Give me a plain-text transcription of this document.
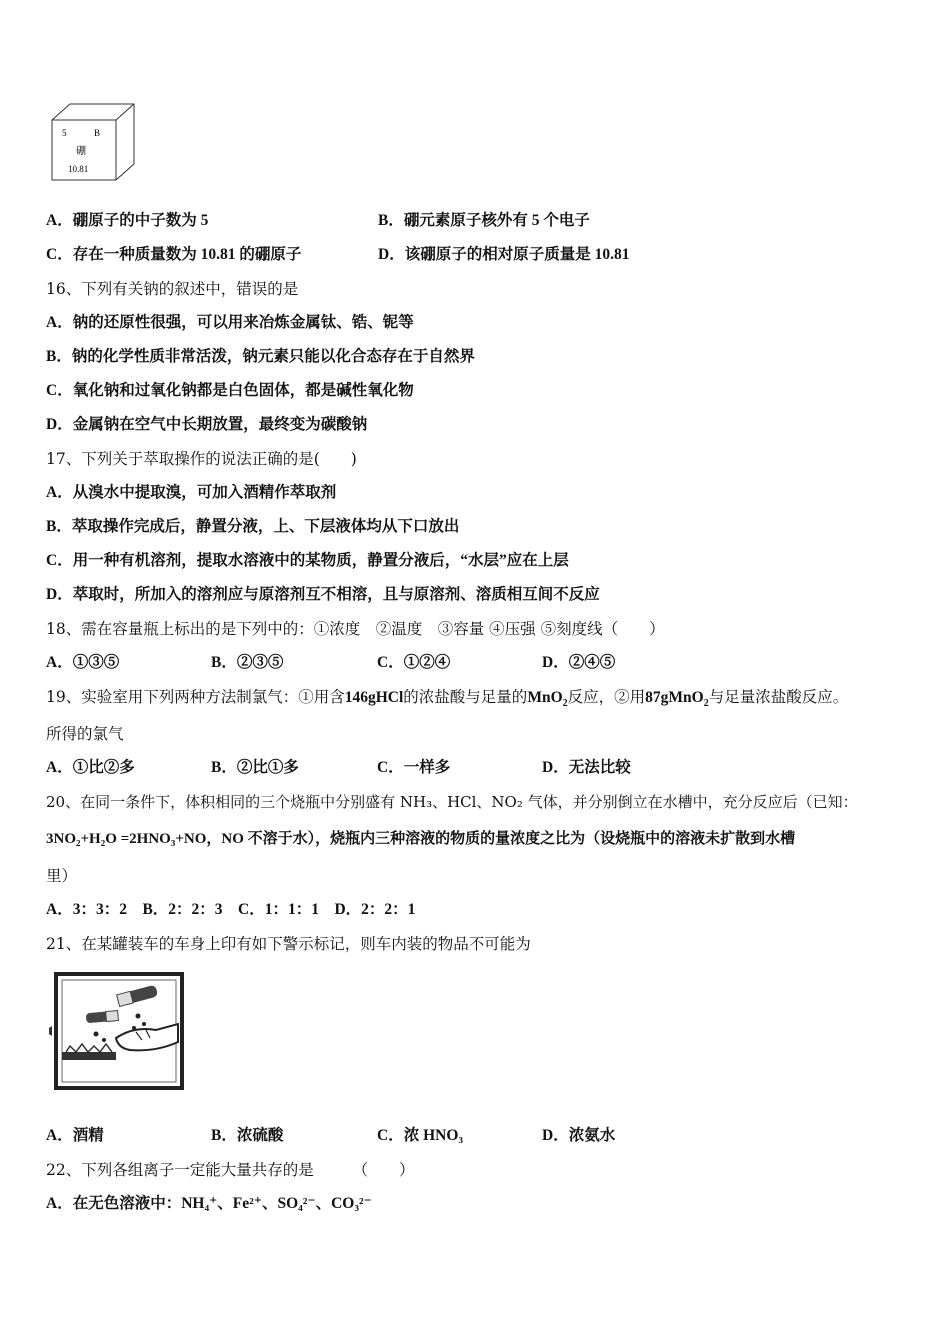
5	B
硼
10.81
A．硼原子的中子数为 5	B．硼元素原子核外有 5 个电子
C．存在一种质量数为 10.81 的硼原子	D．该硼原子的相对原子质量是 10.81
16、下列有关钠的叙述中，错误的是
A．钠的还原性很强，可以用来冶炼金属钛、锆、铌等
B．钠的化学性质非常活泼，钠元素只能以化合态存在于自然界
C．氧化钠和过氧化钠都是白色固体，都是碱性氧化物
D．金属钠在空气中长期放置，最终变为碳酸钠
17、下列关于萃取操作的说法正确的是(　　)
A．从溴水中提取溴，可加入酒精作萃取剂
B．萃取操作完成后，静置分液，上、下层液体均从下口放出
C．用一种有机溶剂，提取水溶液中的某物质，静置分液后，“水层”应在上层
D．萃取时，所加入的溶剂应与原溶剂互不相溶，且与原溶剂、溶质相互间不反应
18、需在容量瓶上标出的是下列中的：①浓度　②温度　③容量 ④压强 ⑤刻度线（　　）
A．①③⑤	B．②③⑤	C．①②④	D．②④⑤
19、实验室用下列两种方法制氯气：①用含146gHCl的浓盐酸与足量的MnO$_2$反应，②用87gMnO$_2$与足量浓盐酸反应。
所得的氯气
A．①比②多	B．②比①多	C．一样多	D．无法比较
20、在同一条件下，体积相同的三个烧瓶中分别盛有 NH₃、HCl、NO₂ 气体，并分别倒立在水槽中，充分反应后（已知：
3NO₂+H₂O =2HNO₃+NO，NO 不溶于水），烧瓶内三种溶液的物质的量浓度之比为（设烧瓶中的溶液未扩散到水槽
里）
A．3：3：2　B．2：2：3　C．1：1：1　D．2：2：1
21、在某罐装车的车身上印有如下警示标记，则车内装的物品不可能为
A．酒精	B．浓硫酸	C．浓 HNO₃	D．浓氨水
22、下列各组离子一定能大量共存的是　　　（　　）
A．在无色溶液中：NH₄⁺、Fe²⁺、SO₄²⁻、CO₃²⁻
